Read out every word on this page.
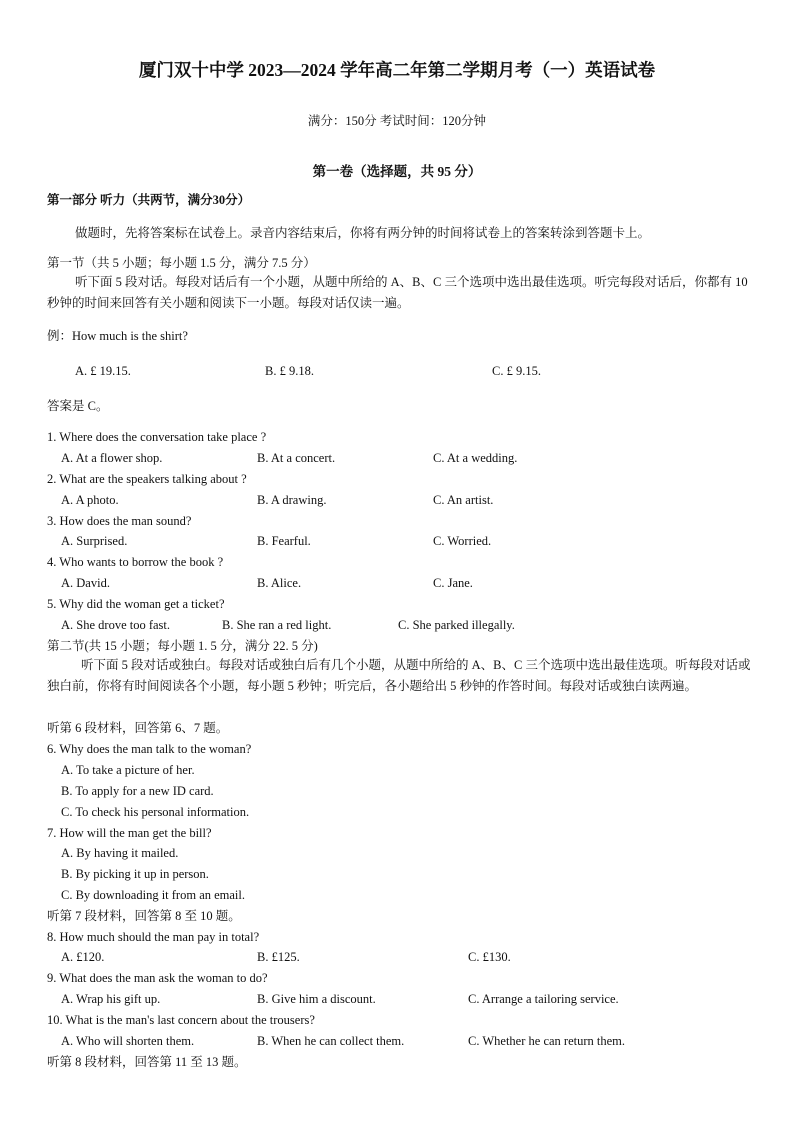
厦门双十中学 2023—2024 学年高二年第二学期月考（一）英语试卷
满分：150分 考试时间：120分钟
第一卷（选择题，共 95 分）
第一部分 听力（共两节，满分30分）
做题时，先将答案标在试卷上。录音内容结束后，你将有两分钟的时间将试卷上的答案转涂到答题卡上。
第一节（共 5 小题；每小题 1.5 分，满分 7.5 分）
听下面 5 段对话。每段对话后有一个小题，从题中所给的 A、B、C 三个选项中选出最佳选项。听完每段对话后，你都有 10 秒钟的时间来回答有关小题和阅读下一小题。每段对话仅读一遍。
例：How much is the shirt?
A. £ 19.15.	B. £ 9.18.	C. £ 9.15.
答案是 C。
1. Where does the conversation take place ?
A. At a flower shop.	B. At a concert.	C. At a wedding.
2. What are the speakers talking about ?
A. A photo.	B. A drawing.	C. An artist.
3. How does the man sound?
A. Surprised.	B. Fearful.	C. Worried.
4. Who wants to borrow the book ?
A. David.	B. Alice.	C. Jane.
5. Why did the woman get a ticket?
A. She drove too fast.	B. She ran a red light.	C. She parked illegally.
第二节(共 15 小题；每小题 1. 5 分，满分 22. 5 分)
听下面 5 段对话或独白。每段对话或独白后有几个小题，从题中所给的 A、B、C 三个选项中选出最佳选项。听每段对话或独白前，你将有时间阅读各个小题，每小题 5 秒钟；听完后，各小题给出 5 秒钟的作答时间。每段对话或独白读两遍。
听第 6 段材料，回答第 6、7 题。
6. Why does the man talk to the woman?
A. To take a picture of her.
B. To apply for a new ID card.
C. To check his personal information.
7. How will the man get the bill?
A. By having it mailed.
B. By picking it up in person.
C. By downloading it from an email.
听第 7 段材料，回答第 8 至 10 题。
8. How much should the man pay in total?
A. £120.	B. £125.	C. £130.
9. What does the man ask the woman to do?
A. Wrap his gift up.	B. Give him a discount.	C. Arrange a tailoring service.
10. What is the man's last concern about the trousers?
A. Who will shorten them.	B. When he can collect them.	C. Whether he can return them.
听第 8 段材料，回答第 11 至 13 题。
